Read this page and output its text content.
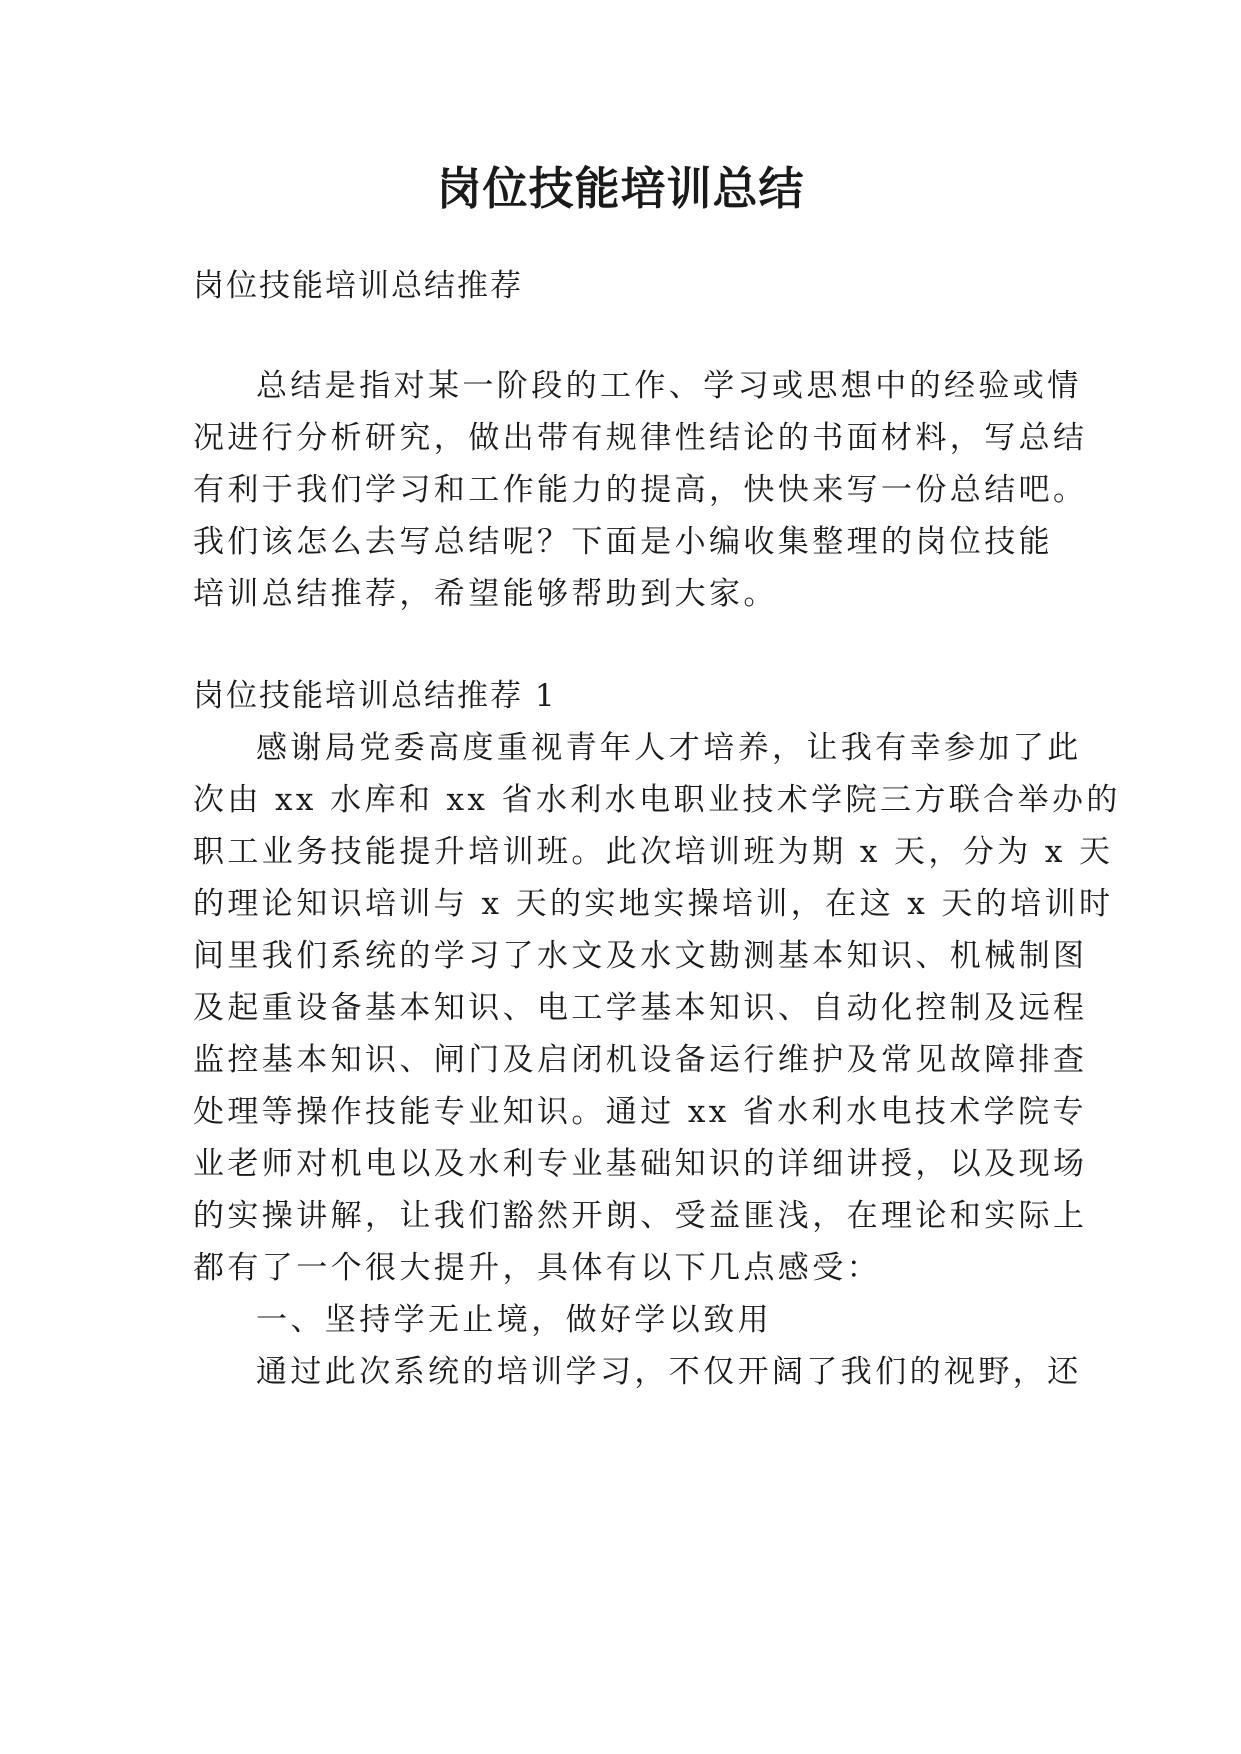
岗位技能培训总结

岗位技能培训总结推荐

总结是指对某一阶段的工作、学习或思想中的经验或情

况进行分析研究，做出带有规律性结论的书面材料，写总结

有利于我们学习和工作能力的提高，快快来写一份总结吧。

我们该怎么去写总结呢？下面是小编收集整理的岗位技能

培训总结推荐，希望能够帮助到大家。

岗位技能培训总结推荐 1

感谢局党委高度重视青年人才培养，让我有幸参加了此

次由 xx 水库和 xx 省水利水电职业技术学院三方联合举办的

职工业务技能提升培训班。此次培训班为期 x 天，分为 x 天

的理论知识培训与 x 天的实地实操培训，在这 x 天的培训时

间里我们系统的学习了水文及水文勘测基本知识、机械制图

及起重设备基本知识、电工学基本知识、自动化控制及远程

监控基本知识、闸门及启闭机设备运行维护及常见故障排查

处理等操作技能专业知识。通过 xx 省水利水电技术学院专

业老师对机电以及水利专业基础知识的详细讲授，以及现场

的实操讲解，让我们豁然开朗、受益匪浅，在理论和实际上

都有了一个很大提升，具体有以下几点感受：

一、坚持学无止境，做好学以致用

通过此次系统的培训学习，不仅开阔了我们的视野，还
